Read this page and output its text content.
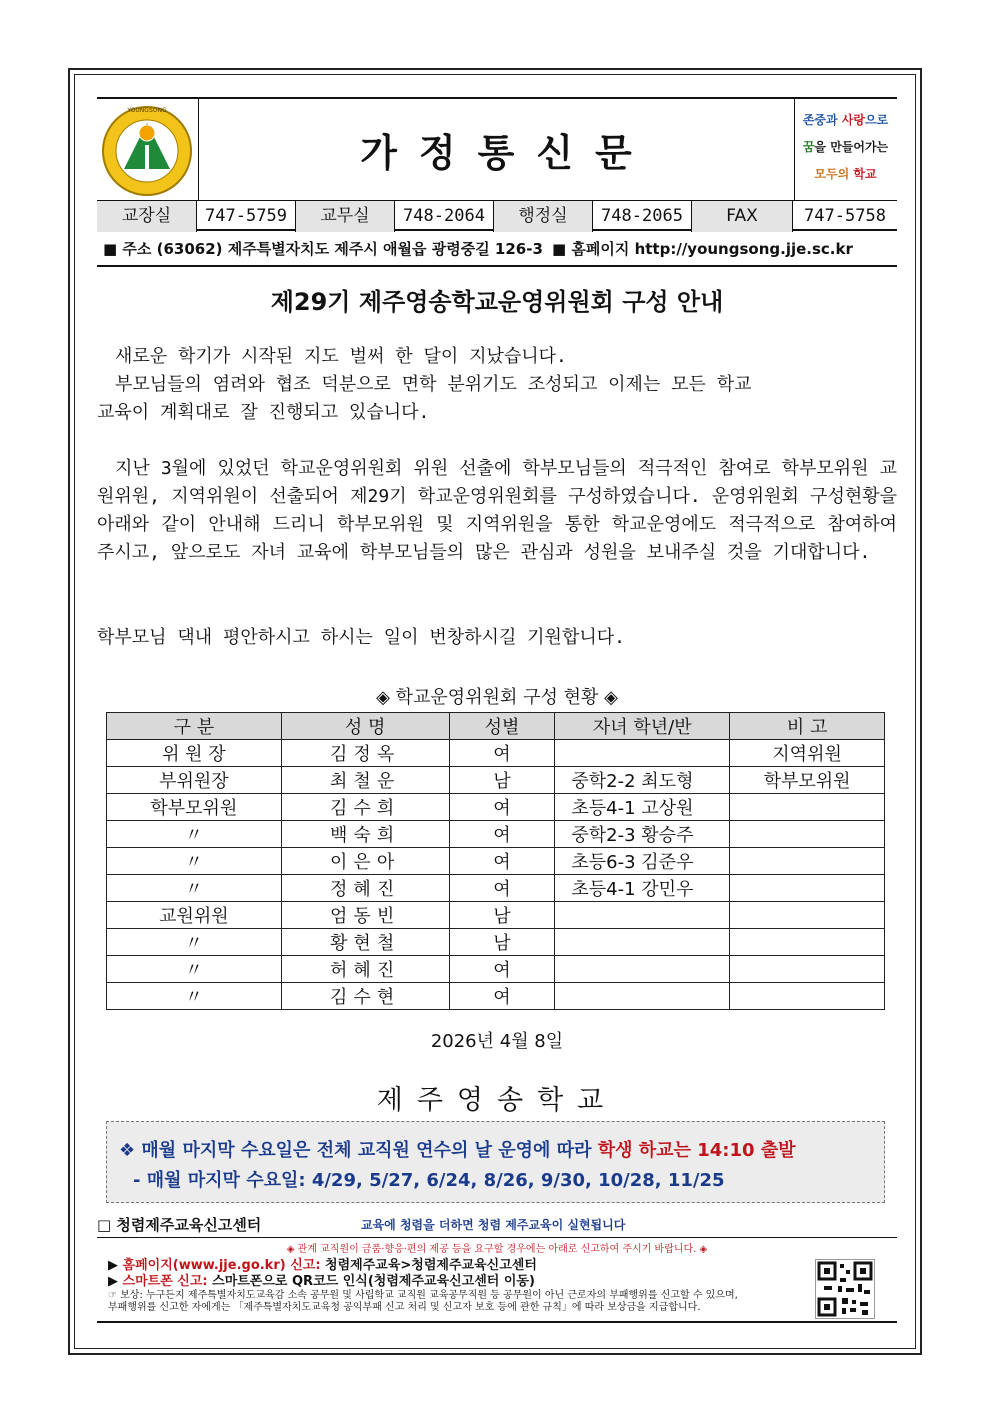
YOUNGSONG
가정통신문
존중과 사랑으로
꿈을 만들어가는
모두의 학교
교장실	747-5759	교무실	748-2064	행정실	748-2065	FAX	747-5758
■ 주소 (63062) 제주특별자치도 제주시 애월읍 광령중길 126-3 ■ 홈페이지 http://youngsong.jje.sc.kr
제29기 제주영송학교운영위원회 구성 안내

새로운 학기가 시작된 지도 벌써 한 달이 지났습니다.

부모님들의 염려와 협조 덕분으로 면학 분위기도 조성되고 이제는 모든 학교

교육이 계획대로 잘 진행되고 있습니다.

지난 3월에 있었던 학교운영위원회 위원 선출에 학부모님들의 적극적인 참여로 학부모위원 교원위원, 지역위원이 선출되어 제29기 학교운영위원회를 구성하였습니다. 운영위원회 구성현황을 아래와 같이 안내해 드리니 학부모위원 및 지역위원을 통한 학교운영에도 적극적으로 참여하여 주시고, 앞으로도 자녀 교육에 학부모님들의 많은 관심과 성원을 보내주실 것을 기대합니다.

학부모님 댁내 평안하시고 하시는 일이 번창하시길 기원합니다.

◈ 학교운영위원회 구성 현황 ◈
구 분	성 명	성별	자녀 학년/반	비 고
위 원 장	김정옥	여		지역위원
부위원장	최철운	남	중학2-2 최도형	학부모위원
학부모위원	김수희	여	초등4-1 고상원	
〃	백숙희	여	중학2-3 황승주	
〃	이은아	여	초등6-3 김준우	
〃	정혜진	여	초등4-1 강민우	
교원위원	엄동빈	남		
〃	황현철	남		
〃	허혜진	여		
〃	김수현	여		
2026년 4월 8일
제주영송학교
❖ 매월 마지막 수요일은 전체 교직원 연수의 날 운영에 따라 학생 하교는 14:10 출발
- 매월 마지막 수요일: 4/29, 5/27, 6/24, 8/26, 9/30, 10/28, 11/25
□ 청렴제주교육신고센터	교육에 청렴을 더하면 청렴 제주교육이 실현됩니다
◈ 관계 교직원이 금품·향응·편의 제공 등을 요구할 경우에는 아래로 신고하여 주시기 바랍니다. ◈
▶ 홈페이지(www.jje.go.kr) 신고: 청렴제주교육>청렴제주교육신고센터
▶ 스마트폰 신고: 스마트폰으로 QR코드 인식(청렴제주교육신고센터 이동)
☞ 보상: 누구든지 제주특별자치도교육감 소속 공무원 및 사립학교 교직원 교육공무직원 등 공무원이 아닌 근로자의 부패행위를 신고할 수 있으며,
부패행위를 신고한 자에게는 「제주특별자치도교육청 공익부패 신고 처리 및 신고자 보호 등에 관한 규칙」에 따라 보상금을 지급합니다.
